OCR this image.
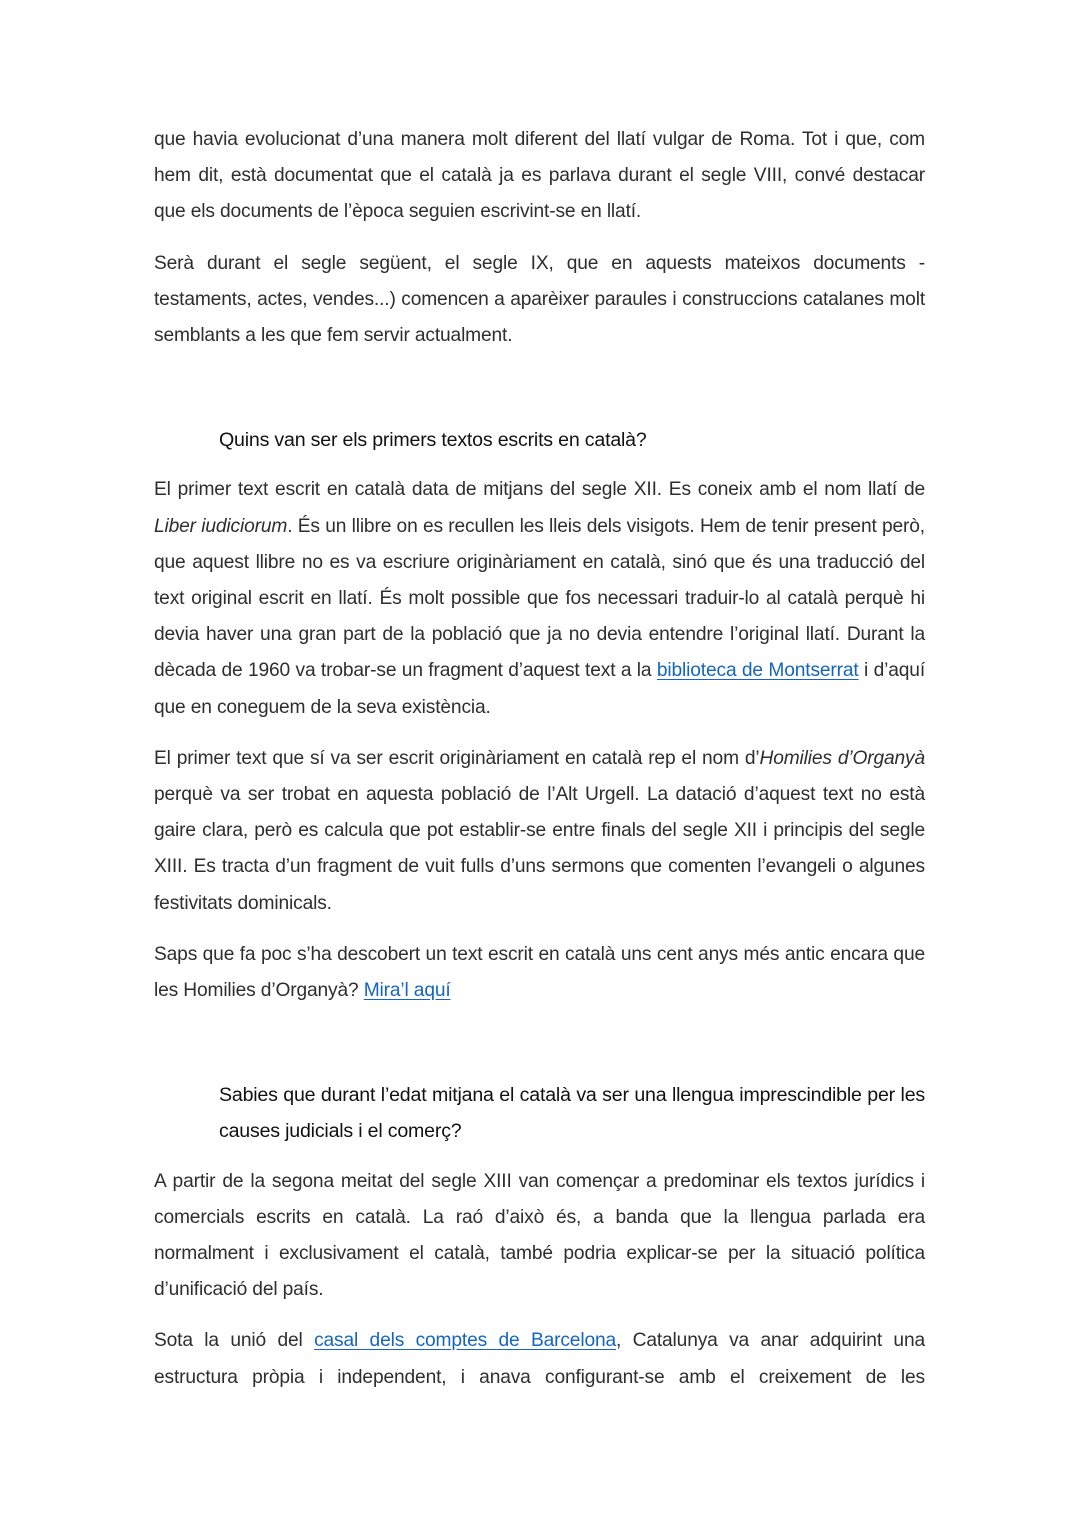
que havia evolucionat d’una manera molt diferent del llatí vulgar de Roma. Tot i que, com hem dit, està documentat que el català ja es parlava durant el segle VIII, convé destacar que els documents de l’època seguien escrivint-se en llatí.

Serà durant el segle següent, el segle IX, que en aquests mateixos documents - testaments, actes, vendes...) comencen a aparèixer paraules i construccions catalanes molt semblants a les que fem servir actualment.

Quins van ser els primers textos escrits en català?

El primer text escrit en català data de mitjans del segle XII. Es coneix amb el nom llatí de Liber iudiciorum. És un llibre on es recullen les lleis dels visigots. Hem de tenir present però, que aquest llibre no es va escriure originàriament en català, sinó que és una traducció del text original escrit en llatí. És molt possible que fos necessari traduir-lo al català perquè hi devia haver una gran part de la població que ja no devia entendre l’original llatí. Durant la dècada de 1960 va trobar-se un fragment d’aquest text a la biblioteca de Montserrat i d’aquí que en coneguem de la seva existència.

El primer text que sí va ser escrit originàriament en català rep el nom d’Homilies d’Organyà perquè va ser trobat en aquesta població de l’Alt Urgell. La datació d’aquest text no està gaire clara, però es calcula que pot establir-se entre finals del segle XII i principis del segle XIII. Es tracta d’un fragment de vuit fulls d’uns sermons que comenten l’evangeli o algunes festivitats dominicals.

Saps que fa poc s’ha descobert un text escrit en català uns cent anys més antic encara que les Homilies d’Organyà? Mira’l aquí

Sabies que durant l’edat mitjana el català va ser una llengua imprescindible per les causes judicials i el comerç?

A partir de la segona meitat del segle XIII van començar a predominar els textos jurídics i comercials escrits en català. La raó d’això és, a banda que la llengua parlada era normalment i exclusivament el català, també podria explicar-se per la situació política d’unificació del país.

Sota la unió del casal dels comptes de Barcelona, Catalunya va anar adquirint una estructura pròpia i independent, i anava configurant-se amb el creixement de les
